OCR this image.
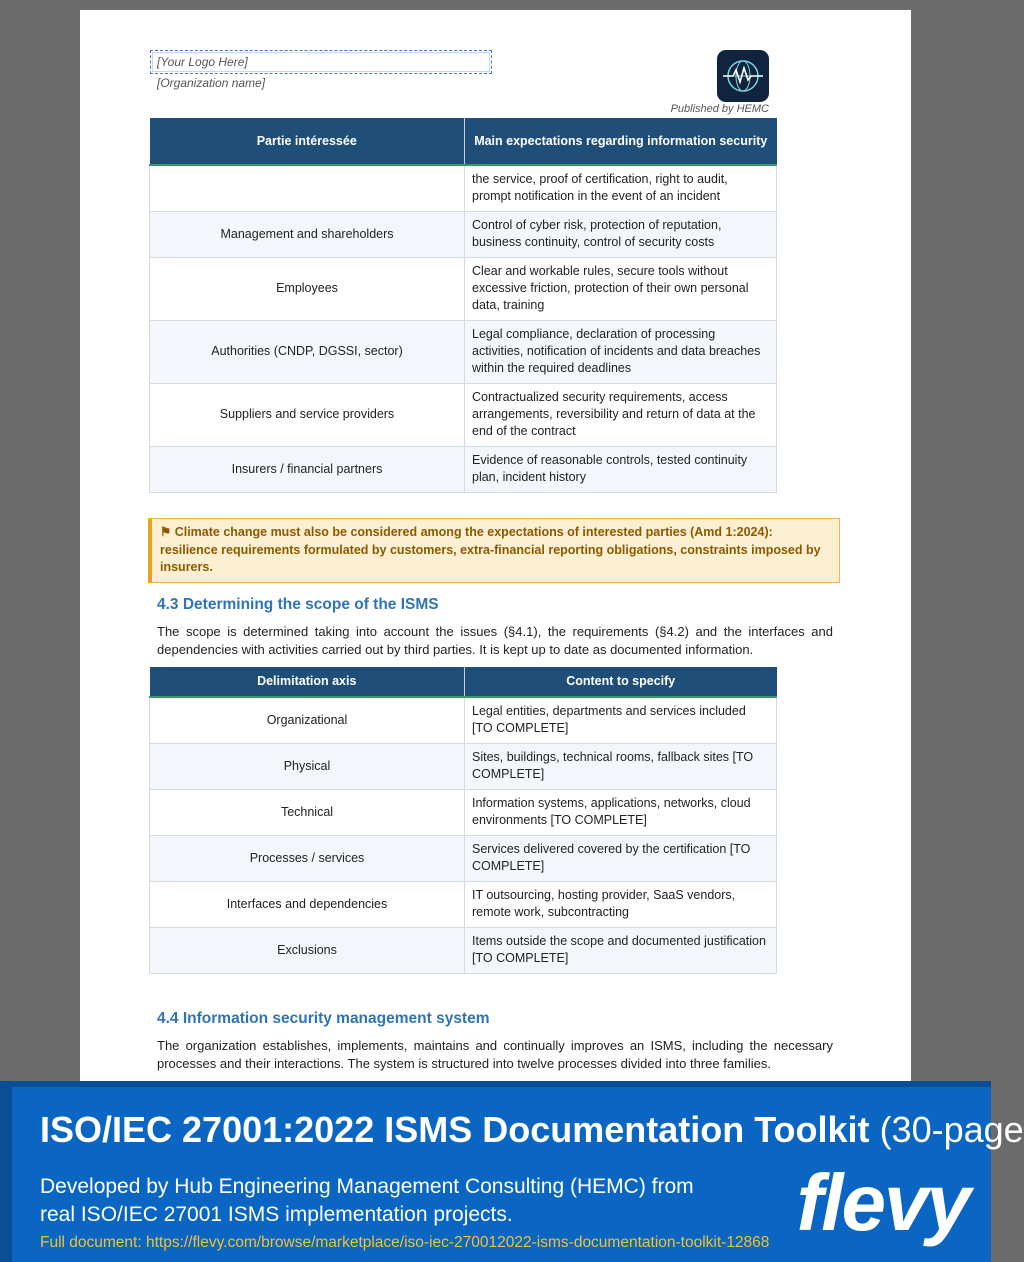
[Your Logo Here]
[Organization name]
Published by HEMC
Partie intéressée	Main expectations regarding information security
	the service, proof of certification, right to audit, prompt notification in the event of an incident
Management and shareholders	Control of cyber risk, protection of reputation, business continuity, control of security costs
Employees	Clear and workable rules, secure tools without excessive friction, protection of their own personal data, training
Authorities (CNDP, DGSSI, sector)	Legal compliance, declaration of processing activities, notification of incidents and data breaches within the required deadlines
Suppliers and service providers	Contractualized security requirements, access arrangements, reversibility and return of data at the end of the contract
Insurers / financial partners	Evidence of reasonable controls, tested continuity plan, incident history
⚑ Climate change must also be considered among the expectations of interested parties (Amd 1:2024): resilience requirements formulated by customers, extra-financial reporting obligations, constraints imposed by insurers.
4.3 Determining the scope of the ISMS
The scope is determined taking into account the issues (§4.1), the requirements (§4.2) and the interfaces and dependencies with activities carried out by third parties. It is kept up to date as documented information.
Delimitation axis	Content to specify
Organizational	Legal entities, departments and services included [TO COMPLETE]
Physical	Sites, buildings, technical rooms, fallback sites [TO COMPLETE]
Technical	Information systems, applications, networks, cloud environments [TO COMPLETE]
Processes / services	Services delivered covered by the certification [TO COMPLETE]
Interfaces and dependencies	IT outsourcing, hosting provider, SaaS vendors, remote work, subcontracting
Exclusions	Items outside the scope and documented justification [TO COMPLETE]
4.4 Information security management system
The organization establishes, implements, maintains and continually improves an ISMS, including the necessary processes and their interactions. The system is structured into twelve processes divided into three families.
ISO/IEC 27001:2022 ISMS Documentation Toolkit (30-page
Developed by Hub Engineering Management Consulting (HEMC) from
real ISO/IEC 27001 ISMS implementation projects.
Full document: https://flevy.com/browse/marketplace/iso-iec-270012022-isms-documentation-toolkit-12868 flevy
